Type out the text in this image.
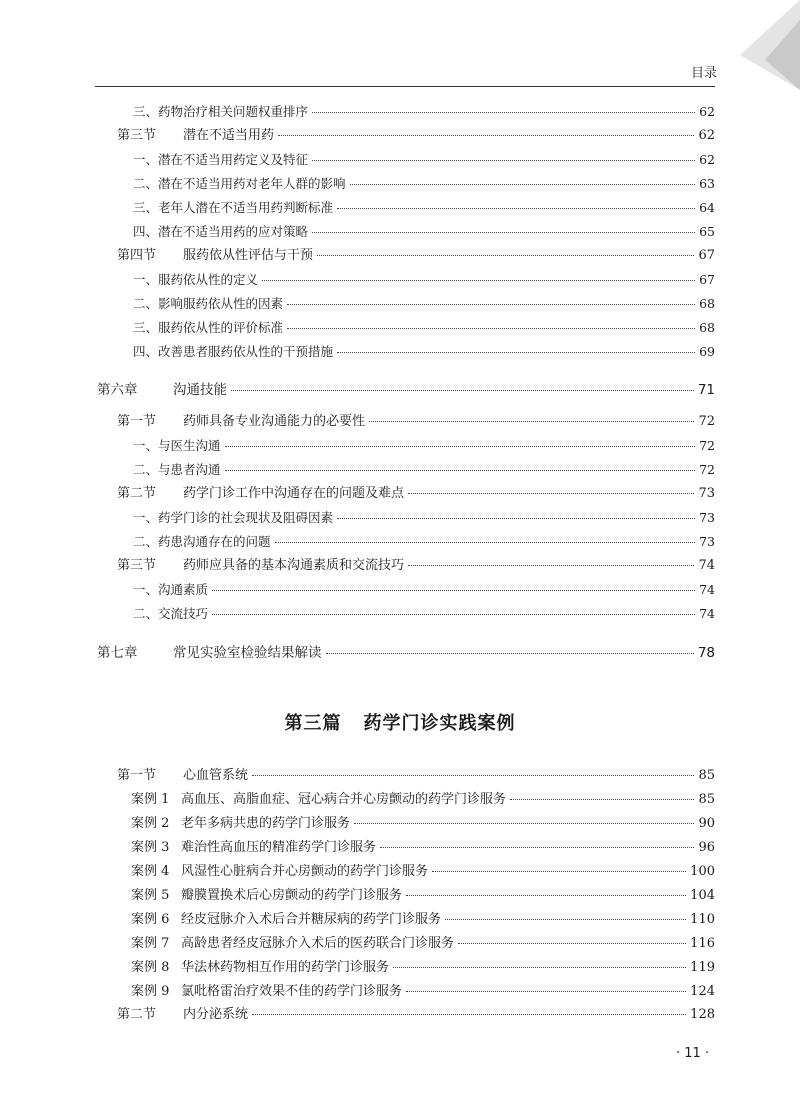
目录
三、药物治疗相关问题权重排序	62
第三节	潜在不适当用药	62
一、潜在不适当用药定义及特征	62
二、潜在不适当用药对老年人群的影响	63
三、老年人潜在不适当用药判断标准	64
四、潜在不适当用药的应对策略	65
第四节	服药依从性评估与干预	67
一、服药依从性的定义	67
二、影响服药依从性的因素	68
三、服药依从性的评价标准	68
四、改善患者服药依从性的干预措施	69
第六章	沟通技能	71
第一节	药师具备专业沟通能力的必要性	72
一、与医生沟通	72
二、与患者沟通	72
第二节	药学门诊工作中沟通存在的问题及难点	73
一、药学门诊的社会现状及阻碍因素	73
二、药患沟通存在的问题	73
第三节	药师应具备的基本沟通素质和交流技巧	74
一、沟通素质	74
二、交流技巧	74
第七章	常见实验室检验结果解读	78
第三篇 药学门诊实践案例
第一节	心血管系统	85
案例 1 高血压、高脂血症、冠心病合并心房颤动的药学门诊服务	85
案例 2 老年多病共患的药学门诊服务	90
案例 3 难治性高血压的精准药学门诊服务	96
案例 4 风湿性心脏病合并心房颤动的药学门诊服务	100
案例 5 瓣膜置换术后心房颤动的药学门诊服务	104
案例 6 经皮冠脉介入术后合并糖尿病的药学门诊服务	110
案例 7 高龄患者经皮冠脉介入术后的医药联合门诊服务	116
案例 8 华法林药物相互作用的药学门诊服务	119
案例 9 氯吡格雷治疗效果不佳的药学门诊服务	124
第二节	内分泌系统	128
· 11 ·
